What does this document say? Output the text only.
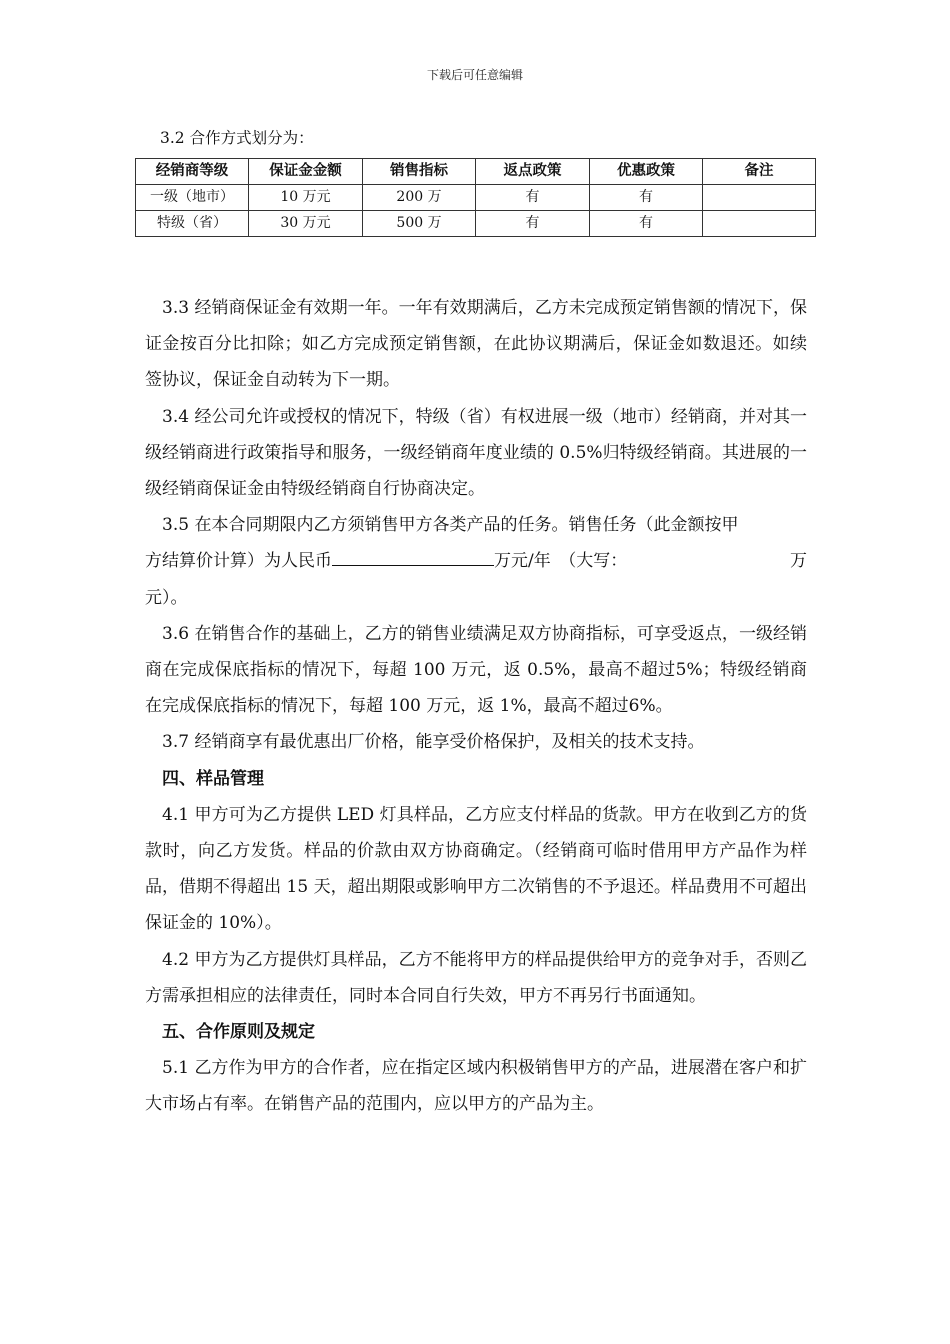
下载后可任意编辑
3.2 合作方式划分为：
经销商等级	保证金金额	销售指标	返点政策	优惠政策	备注
一级（地市）	10 万元	200 万	有	有	
特级（省）	30 万元	500 万	有	有	

3.3 经销商保证金有效期一年。一年有效期满后，乙方未完成预定销售额的情况下，保证金按百分比扣除；如乙方完成预定销售额，在此协议期满后，保证金如数退还。如续签协议，保证金自动转为下一期。

3.4 经公司允许或授权的情况下，特级（省）有权进展一级（地市）经销商，并对其一级经销商进行政策指导和服务，一级经销商年度业绩的 0.5%归特级经销商。其进展的一级经销商保证金由特级经销商自行协商决定。

3.5 在本合同期限内乙方须销售甲方各类产品的任务。销售任务（此金额按甲

方结算价计算）为人民币	万元/年　（大写：	万

元）。

3.6 在销售合作的基础上，乙方的销售业绩满足双方协商指标，可享受返点，一级经销商在完成保底指标的情况下，每超 100 万元，返 0.5%，最高不超过5%；特级经销商在完成保底指标的情况下，每超 100 万元，返 1%，最高不超过6%。

3.7 经销商享有最优惠出厂价格，能享受价格保护，及相关的技术支持。

四、样品管理

4.1 甲方可为乙方提供 LED 灯具样品，乙方应支付样品的货款。甲方在收到乙方的货款时，向乙方发货。样品的价款由双方协商确定。（经销商可临时借用甲方产品作为样品，借期不得超出 15 天，超出期限或影响甲方二次销售的不予退还。样品费用不可超出保证金的 10%）。

4.2 甲方为乙方提供灯具样品，乙方不能将甲方的样品提供给甲方的竞争对手，否则乙方需承担相应的法律责任，同时本合同自行失效，甲方不再另行书面通知。

五、合作原则及规定

5.1 乙方作为甲方的合作者，应在指定区域内积极销售甲方的产品，进展潜在客户和扩大市场占有率。在销售产品的范围内，应以甲方的产品为主。
